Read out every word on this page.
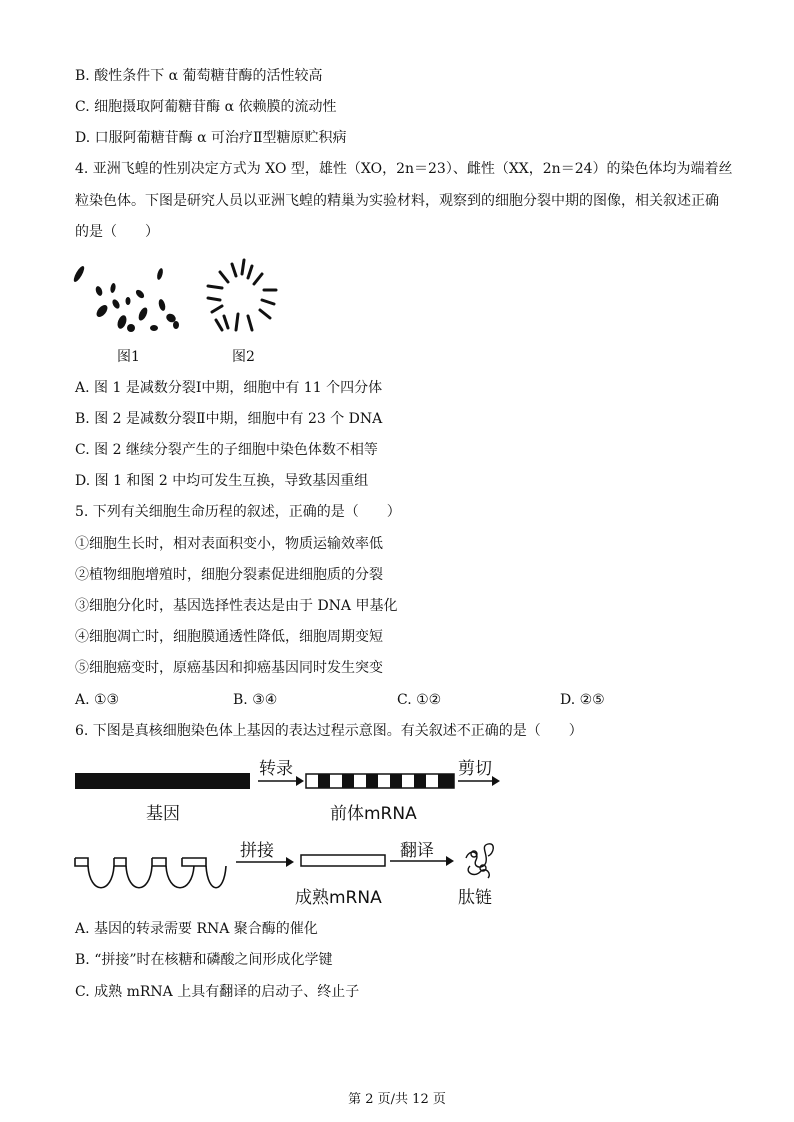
B. 酸性条件下 α 葡萄糖苷酶的活性较高
C. 细胞摄取阿葡糖苷酶 α 依赖膜的流动性
D. 口服阿葡糖苷酶 α 可治疗Ⅱ型糖原贮积病
4. 亚洲飞蝗的性别决定方式为 XO 型，雄性（XO，2n＝23）、雌性（XX，2n＝24）的染色体均为端着丝
粒染色体。下图是研究人员以亚洲飞蝗的精巢为实验材料，观察到的细胞分裂中期的图像，相关叙述正确
的是（　　）
图1	图2
A. 图 1 是减数分裂Ⅰ中期，细胞中有 11 个四分体
B. 图 2 是减数分裂Ⅱ中期，细胞中有 23 个 DNA
C. 图 2 继续分裂产生的子细胞中染色体数不相等
D. 图 1 和图 2 中均可发生互换，导致基因重组
5. 下列有关细胞生命历程的叙述，正确的是（　　）
①细胞生长时，相对表面积变小，物质运输效率低
②植物细胞增殖时，细胞分裂素促进细胞质的分裂
③细胞分化时，基因选择性表达是由于 DNA 甲基化
④细胞凋亡时，细胞膜通透性降低，细胞周期变短
⑤细胞癌变时，原癌基因和抑癌基因同时发生突变
A. ①③	B. ③④	C. ①②	D. ②⑤
6. 下图是真核细胞染色体上基因的表达过程示意图。有关叙述不正确的是（　　）
基因
转录
前体mRNA
剪切
拼接
成熟mRNA
翻译
肽链
A. 基因的转录需要 RNA 聚合酶的催化
B. “拼接”时在核糖和磷酸之间形成化学键
C. 成熟 mRNA 上具有翻译的启动子、终止子
第 2 页/共 12 页
